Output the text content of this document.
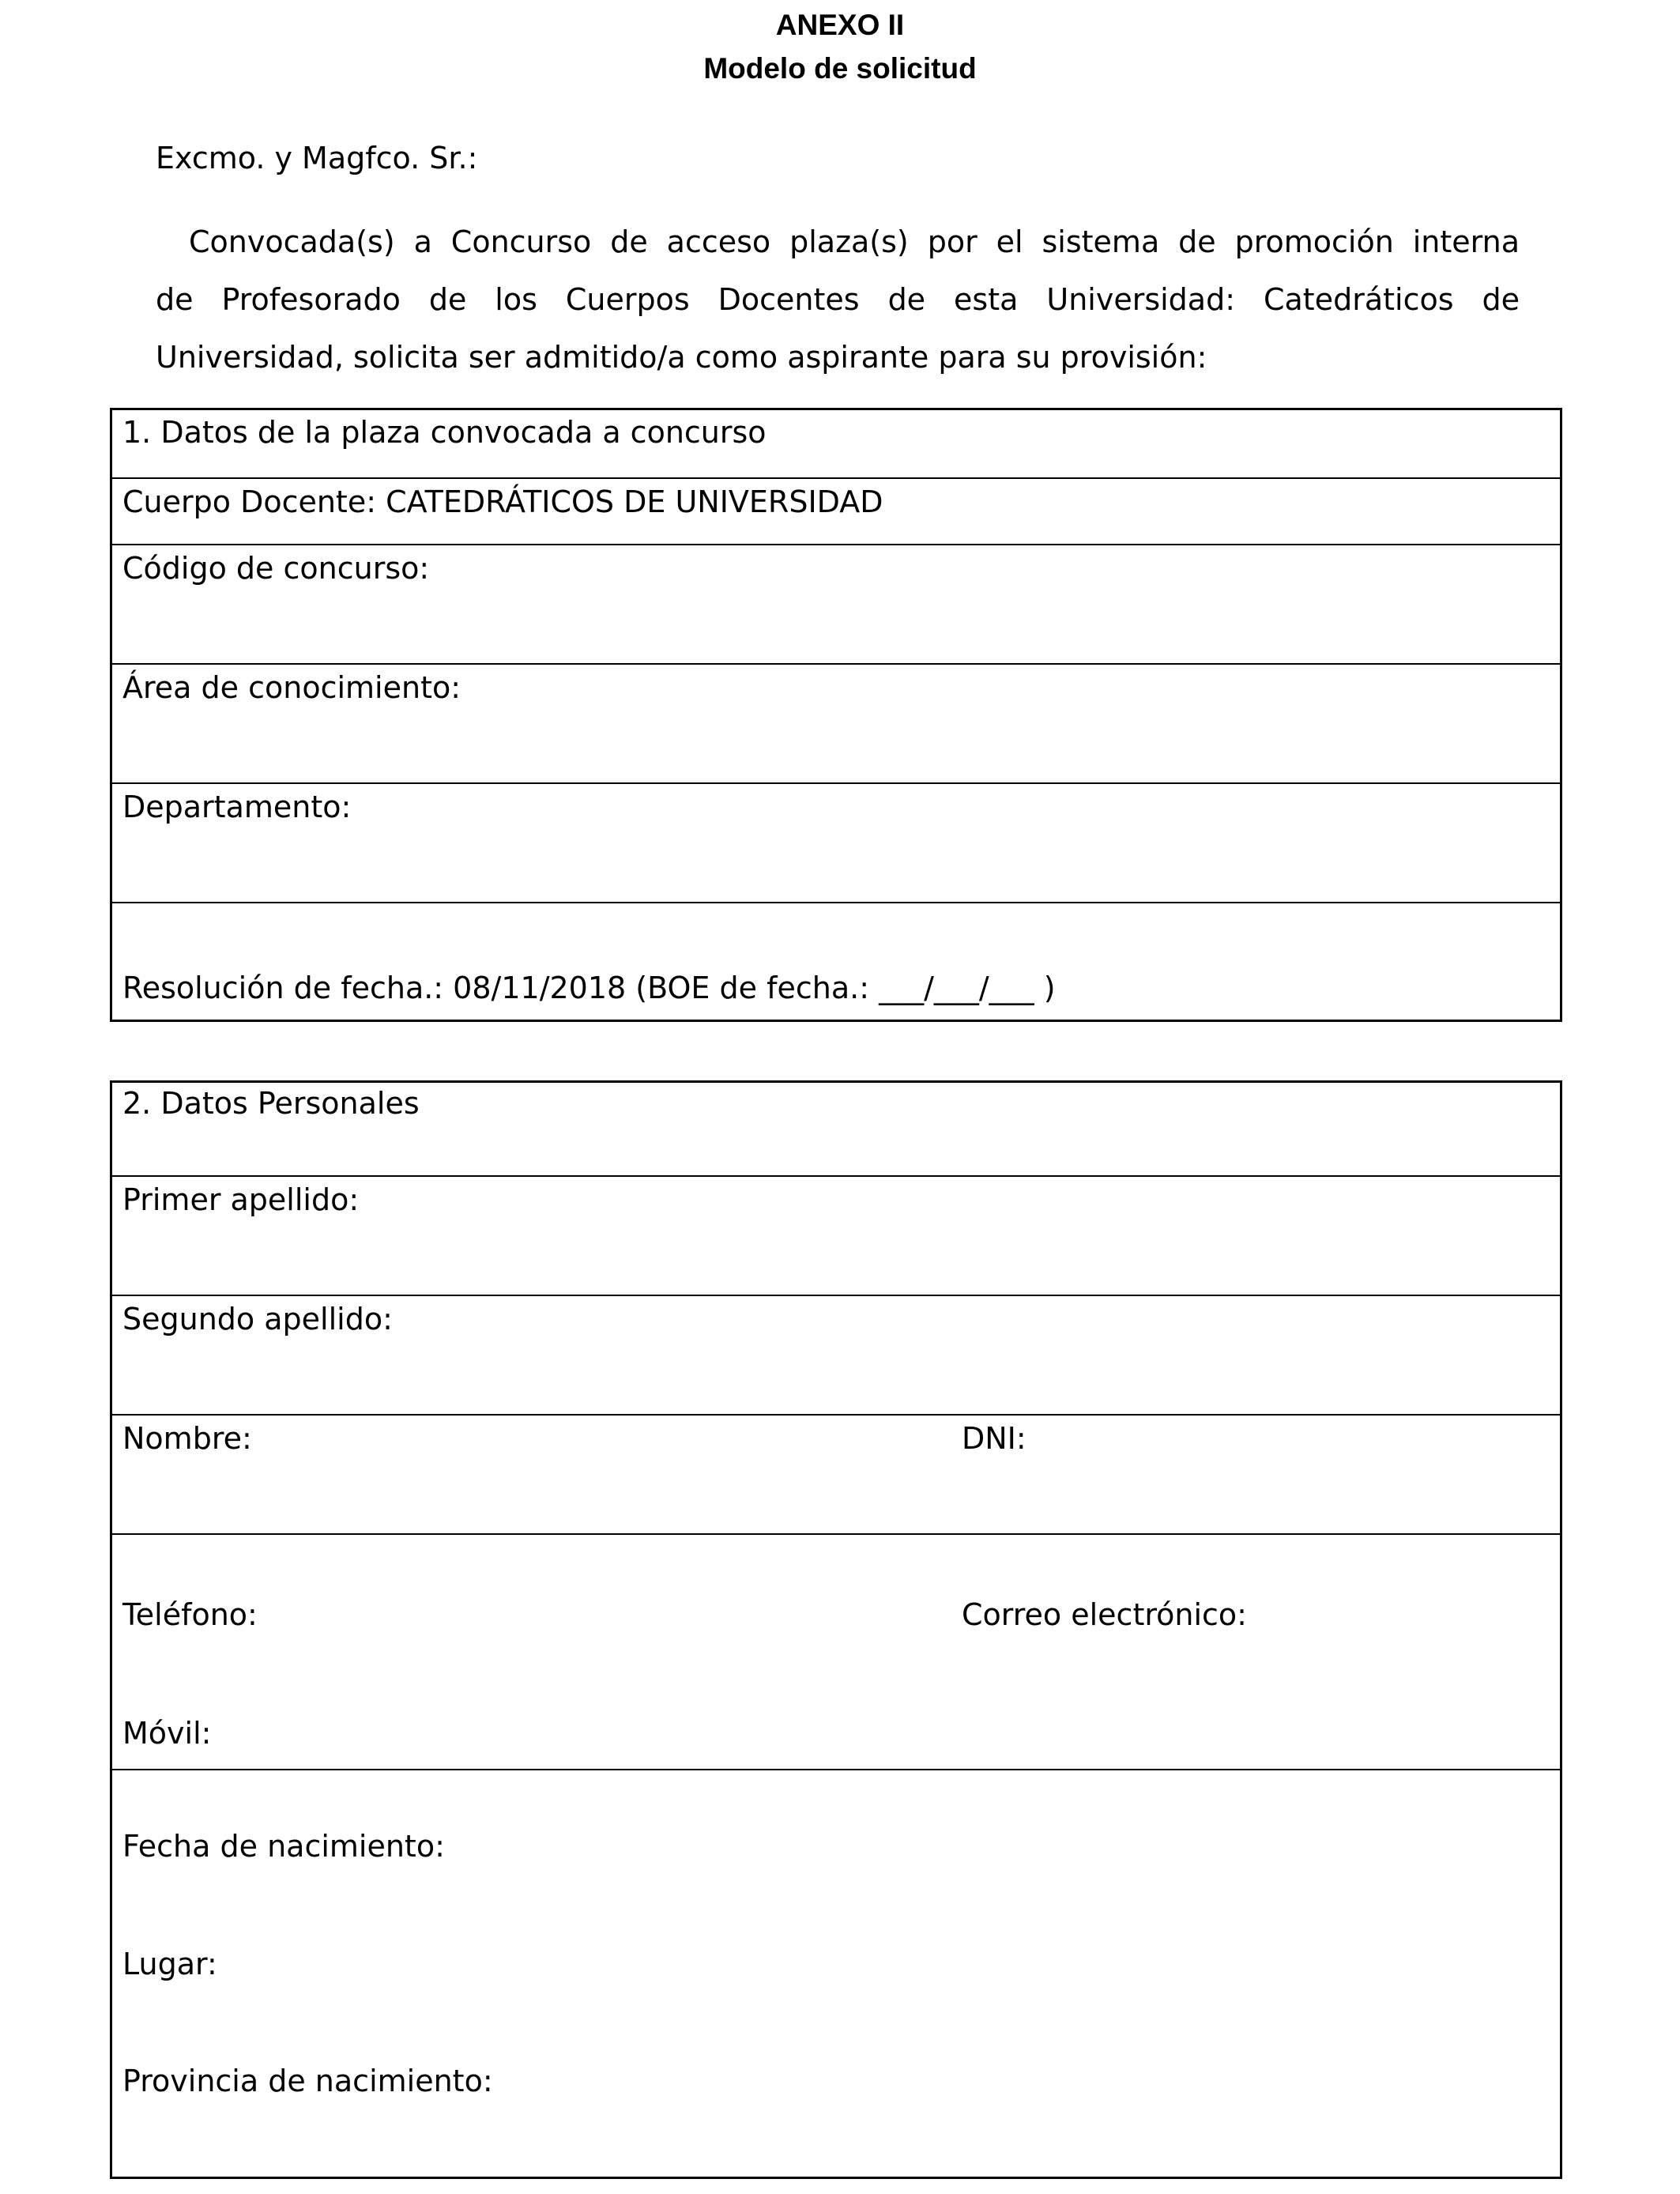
ANEXO II
Modelo de solicitud
Excmo. y Magfco. Sr.:
Convocada(s) a Concurso de acceso plaza(s) por el sistema de promoción interna
de Profesorado de los Cuerpos Docentes de esta Universidad: Catedráticos de
Universidad, solicita ser admitido/a como aspirante para su provisión:
1. Datos de la plaza convocada a concurso
Cuerpo Docente: CATEDRÁTICOS DE UNIVERSIDAD
Código de concurso:
Área de conocimiento:
Departamento:
Resolución de fecha.: 08/11/2018 (BOE de fecha.: ___/___/___ )
2. Datos Personales
Primer apellido:
Segundo apellido:
Nombre:	DNI:
Teléfono:	Correo electrónico:
Móvil:
Fecha de nacimiento:
Lugar:
Provincia de nacimiento:
